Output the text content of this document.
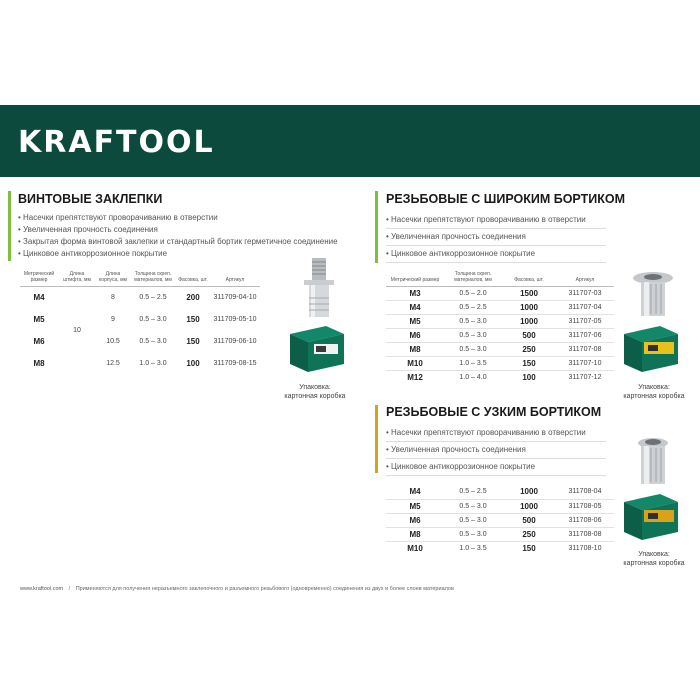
KRAFTOOL
ВИНТОВЫЕ ЗАКЛЕПКИ
• Насечки препятствуют проворачиванию в отверстии
• Увеличенная прочность соединения
• Закрытая форма винтовой заклепки и стандартный бортик герметичное соединение
• Цинковое антикоррозионное покрытие
Метрический размер	Длина штифта, мм	Длина корпуса, мм	Толщина скреп. материалов, мм	Фасовка, шт.	Артикул
M4	10	8	0.5 – 2.5	200	311709-04-10
M5		9	0.5 – 3.0	150	311709-05-10
M6		10.5	0.5 – 3.0	150	311709-06-10
M8		12.5	1.0 – 3.0	100	311709-08-15
Упаковка:
картонная коробка
РЕЗЬБОВЫЕ С ШИРОКИМ БОРТИКОМ
• Насечки препятствуют проворачиванию в отверстии
• Увеличенная прочность соединения
• Цинковое антикоррозионное покрытие
Метрический размер	Толщина скреп. материалов, мм	Фасовка, шт.	Артикул
M3	0.5 – 2.0	1500	311707-03
M4	0.5 – 2.5	1000	311707-04
M5	0.5 – 3.0	1000	311707-05
M6	0.5 – 3.0	500	311707-06
M8	0.5 – 3.0	250	311707-08
M10	1.0 – 3.5	150	311707-10
M12	1.0 – 4.0	100	311707-12
Упаковка:
картонная коробка
РЕЗЬБОВЫЕ С УЗКИМ БОРТИКОМ
• Насечки препятствуют проворачиванию в отверстии
• Увеличенная прочность соединения
• Цинковое антикоррозионное покрытие
M4	0.5 – 2.5	1000	311708-04
M5	0.5 – 3.0	1000	311708-05
M6	0.5 – 3.0	500	311708-06
M8	0.5 – 3.0	250	311708-08
M10	1.0 – 3.5	150	311708-10
Упаковка:
картонная коробка
www.kraftool.com / Применяются для получения неразъемного заклепочного и разъемного резьбового (одновременно) соединения из двух и более слоев материалов
